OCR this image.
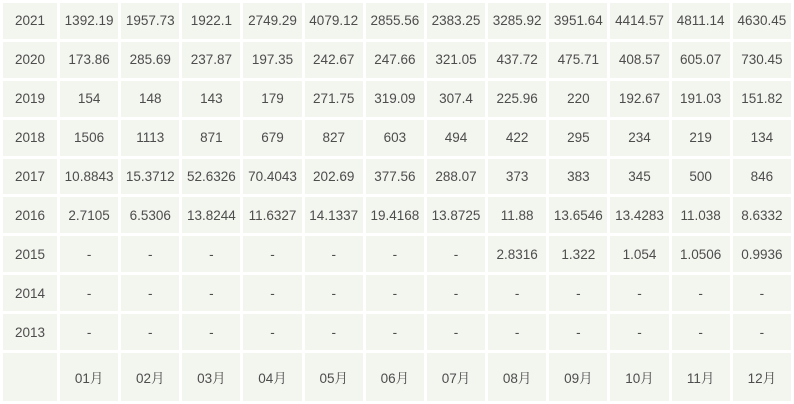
2021	1392.19	1957.73	1922.1	2749.29	4079.12	2855.56	2383.25	3285.92	3951.64	4414.57	4811.14	4630.45
2020	173.86	285.69	237.87	197.35	242.67	247.66	321.05	437.72	475.71	408.57	605.07	730.45
2019	154	148	143	179	271.75	319.09	307.4	225.96	220	192.67	191.03	151.82
2018	1506	1113	871	679	827	603	494	422	295	234	219	134
2017	10.8843	15.3712	52.6326	70.4043	202.69	377.56	288.07	373	383	345	500	846
2016	2.7105	6.5306	13.8244	11.6327	14.1337	19.4168	13.8725	11.88	13.6546	13.4283	11.038	8.6332
2015	-	-	-	-	-	-	-	2.8316	1.322	1.054	1.0506	0.9936
2014	-	-	-	-	-	-	-	-	-	-	-	-
2013	-	-	-	-	-	-	-	-	-	-	-	-
	01月	02月	03月	04月	05月	06月	07月	08月	09月	10月	11月	12月
